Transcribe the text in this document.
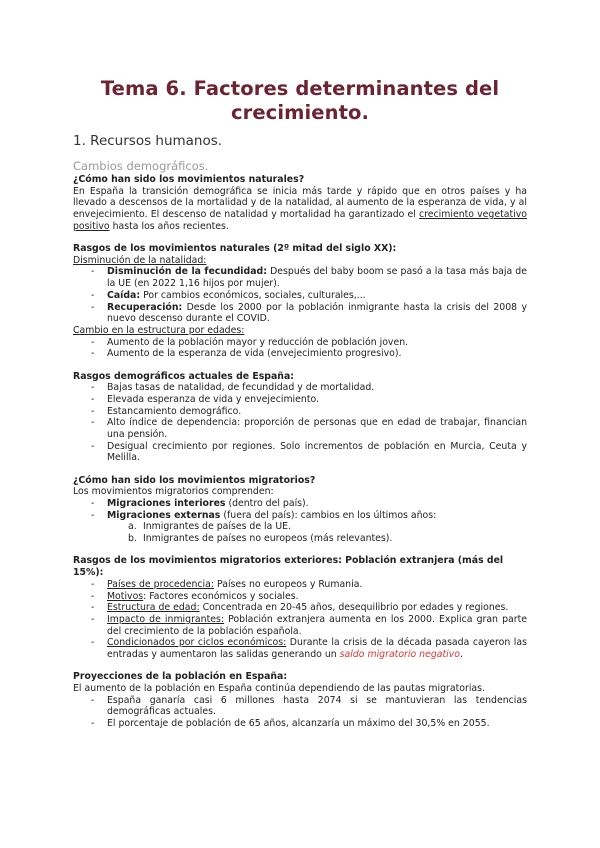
Tema 6. Factores determinantes del
crecimiento.
1. Recursos humanos.
Cambios demográficos.
¿Cómo han sido los movimientos naturales?
En España la transición demográfica se inicia más tarde y rápido que en otros países y ha llevado a descensos de la mortalidad y de la natalidad, al aumento de la esperanza de vida, y al envejecimiento. El descenso de natalidad y mortalidad ha garantizado el crecimiento vegetativo positivo hasta los años recientes.
Rasgos de los movimientos naturales (2º mitad del siglo XX):
Disminución de la natalidad:
- Disminución de la fecundidad: Después del baby boom se pasó a la tasa más baja de la UE (en 2022 1,16 hijos por mujer).
- Caída: Por cambios económicos, sociales, culturales,...
- Recuperación: Desde los 2000 por la población inmigrante hasta la crisis del 2008 y nuevo descenso durante el COVID.
Cambio en la estructura por edades:
- Aumento de la población mayor y reducción de población joven.
- Aumento de la esperanza de vida (envejecimiento progresivo).
Rasgos demográficos actuales de España:
- Bajas tasas de natalidad, de fecundidad y de mortalidad.
- Elevada esperanza de vida y envejecimiento.
- Estancamiento demográfico.
- Alto índice de dependencia: proporción de personas que en edad de trabajar, financian una pensión.
- Desigual crecimiento por regiones. Solo incrementos de población en Murcia, Ceuta y Melilla.
¿Cómo han sido los movimientos migratorios?
Los movimientos migratorios comprenden:
- Migraciones interiores (dentro del país).
- Migraciones externas (fuera del país): cambios en los últimos años:
a. Inmigrantes de países de la UE.
b. Inmigrantes de países no europeos (más relevantes).
Rasgos de los movimientos migratorios exteriores: Población extranjera (más del 15%):
- Países de procedencia: Países no europeos y Rumania.
- Motivos: Factores económicos y sociales.
- Estructura de edad: Concentrada en 20-45 años, desequilibrio por edades y regiones.
- Impacto de inmigrantes: Población extranjera aumenta en los 2000. Explica gran parte del crecimiento de la población española.
- Condicionados por ciclos económicos: Durante la crisis de la década pasada cayeron las entradas y aumentaron las salidas generando un saldo migratorio negativo.
Proyecciones de la población en España:
El aumento de la población en España continúa dependiendo de las pautas migratorias.
- España ganaría casi 6 millones hasta 2074 si se mantuvieran las tendencias demográficas actuales.
- El porcentaje de población de 65 años, alcanzaría un máximo del 30,5% en 2055.
